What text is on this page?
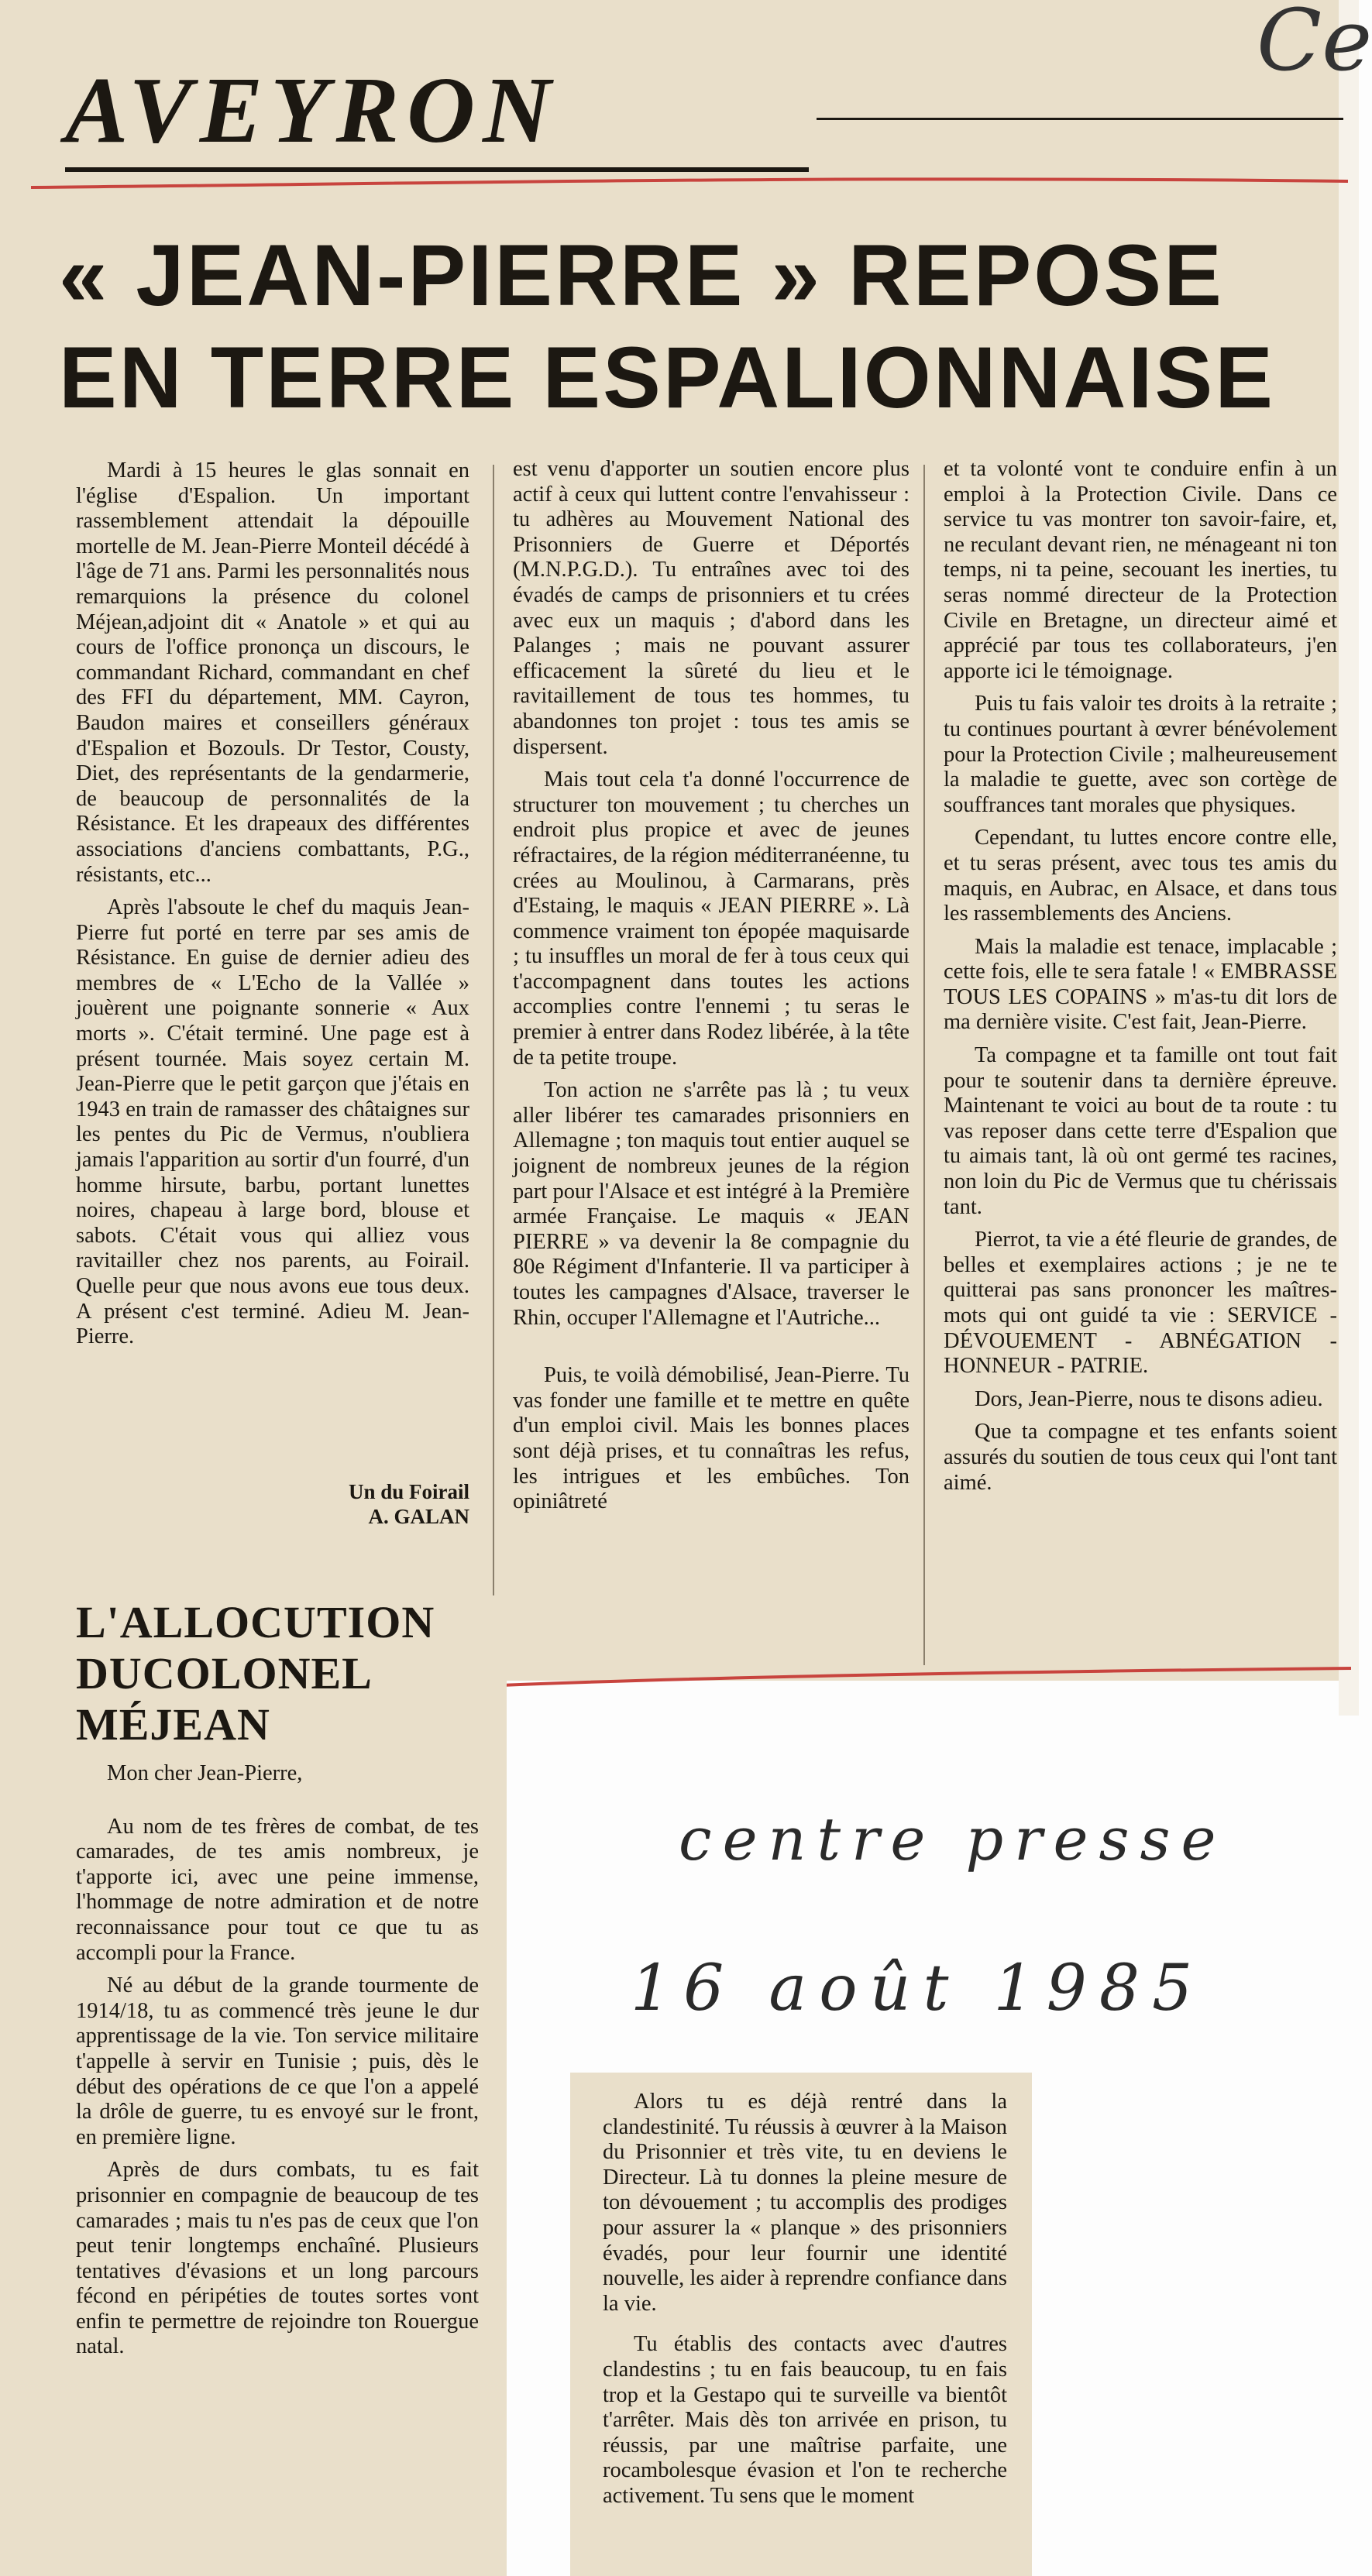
Ce
AVEYRON
« JEAN-PIERRE » REPOSE
EN TERRE ESPALIONNAISE

Mardi à 15 heures le glas sonnait en l'église d'Espalion. Un important rassemblement attendait la dépouille mortelle de M. Jean-Pierre Monteil décédé à l'âge de 71 ans. Parmi les personnalités nous remarquions la présence du colonel Méjean,adjoint dit « Anatole » et qui au cours de l'office prononça un discours, le commandant Richard, commandant en chef des FFI du département, MM. Cayron, Baudon maires et conseillers généraux d'Espalion et Bozouls. Dr Testor, Cousty, Diet, des représentants de la gendarmerie, de beaucoup de personnalités de la Résistance. Et les drapeaux des différentes associations d'anciens combattants, P.G., résistants, etc...

Après l'absoute le chef du maquis Jean-Pierre fut porté en terre par ses amis de Résistance. En guise de dernier adieu des membres de « L'Echo de la Vallée » jouèrent une poignante sonnerie « Aux morts ». C'était terminé. Une page est à présent tournée. Mais soyez certain M. Jean-Pierre que le petit garçon que j'étais en 1943 en train de ramasser des châtaignes sur les pentes du Pic de Vermus, n'oubliera jamais l'apparition au sortir d'un fourré, d'un homme hirsute, barbu, portant lunettes noires, chapeau à large bord, blouse et sabots. C'était vous qui alliez vous ravitailler chez nos parents, au Foirail. Quelle peur que nous avons eue tous deux. A présent c'est terminé. Adieu M. Jean-Pierre.

Un du Foirail
A. GALAN

est venu d'apporter un soutien encore plus actif à ceux qui luttent contre l'envahisseur : tu adhères au Mouvement National des Prisonniers de Guerre et Déportés (M.N.P.G.D.). Tu entraînes avec toi des évadés de camps de prisonniers et tu crées avec eux un maquis ; d'abord dans les Palanges ; mais ne pouvant assurer efficacement la sûreté du lieu et le ravitaillement de tous tes hommes, tu abandonnes ton projet : tous tes amis se dispersent.

Mais tout cela t'a donné l'occurrence de structurer ton mouvement ; tu cherches un endroit plus propice et avec de jeunes réfractaires, de la région méditerranéenne, tu crées au Moulinou, à Carmarans, près d'Estaing, le maquis « JEAN PIERRE ». Là commence vraiment ton épopée maquisarde ; tu insuffles un moral de fer à tous ceux qui t'accompagnent dans toutes les actions accomplies contre l'ennemi ; tu seras le premier à entrer dans Rodez libérée, à la tête de ta petite troupe.

Ton action ne s'arrête pas là ; tu veux aller libérer tes camarades prisonniers en Allemagne ; ton maquis tout entier auquel se joignent de nombreux jeunes de la région part pour l'Alsace et est intégré à la Première armée Française. Le maquis « JEAN PIERRE » va devenir la 8e compagnie du 80e Régiment d'Infanterie. Il va participer à toutes les campagnes d'Alsace, traverser le Rhin, occuper l'Allemagne et l'Autriche...

Puis, te voilà démobilisé, Jean-Pierre. Tu vas fonder une famille et te mettre en quête d'un emploi civil. Mais les bonnes places sont déjà prises, et tu connaîtras les refus, les intrigues et les embûches. Ton opiniâtreté

et ta volonté vont te conduire enfin à un emploi à la Protection Civile. Dans ce service tu vas montrer ton savoir-faire, et, ne reculant devant rien, ne ménageant ni ton temps, ni ta peine, secouant les inerties, tu seras nommé directeur de la Protection Civile en Bretagne, un directeur aimé et apprécié par tous tes collaborateurs, j'en apporte ici le témoignage.

Puis tu fais valoir tes droits à la retraite ; tu continues pourtant à œvrer bénévolement pour la Protection Civile ; malheureusement la maladie te guette, avec son cortège de souffrances tant morales que physiques.

Cependant, tu luttes encore contre elle, et tu seras présent, avec tous tes amis du maquis, en Aubrac, en Alsace, et dans tous les rassemblements des Anciens.

Mais la maladie est tenace, implacable ; cette fois, elle te sera fatale ! « EMBRASSE TOUS LES COPAINS » m'as-tu dit lors de ma dernière visite. C'est fait, Jean-Pierre.

Ta compagne et ta famille ont tout fait pour te soutenir dans ta dernière épreuve. Maintenant te voici au bout de ta route : tu vas reposer dans cette terre d'Espalion que tu aimais tant, là où ont germé tes racines, non loin du Pic de Vermus que tu chérissais tant.

Pierrot, ta vie a été fleurie de grandes, de belles et exemplaires actions ; je ne te quitterai pas sans prononcer les maîtres-mots qui ont guidé ta vie : SERVICE - DÉVOUEMENT - ABNÉGATION - HONNEUR - PATRIE.

Dors, Jean-Pierre, nous te disons adieu.

Que ta compagne et tes enfants soient assurés du soutien de tous ceux qui l'ont tant aimé.

L'ALLOCUTION
DUCOLONEL
MÉJEAN

Mon cher Jean-Pierre,

Au nom de tes frères de combat, de tes camarades, de tes amis nombreux, je t'apporte ici, avec une peine immense, l'hommage de notre admiration et de notre reconnaissance pour tout ce que tu as accompli pour la France.

Né au début de la grande tourmente de 1914/18, tu as commencé très jeune le dur apprentissage de la vie. Ton service militaire t'appelle à servir en Tunisie ; puis, dès le début des opérations de ce que l'on a appelé la drôle de guerre, tu es envoyé sur le front, en première ligne.

Après de durs combats, tu es fait prisonnier en compagnie de beaucoup de tes camarades ; mais tu n'es pas de ceux que l'on peut tenir longtemps enchaîné. Plusieurs tentatives d'évasions et un long parcours fécond en péripéties de toutes sortes vont enfin te permettre de rejoindre ton Rouergue natal.

centre presse
16 août 1985

Alors tu es déjà rentré dans la clandestinité. Tu réussis à œuvrer à la Maison du Prisonnier et très vite, tu en deviens le Directeur. Là tu donnes la pleine mesure de ton dévouement ; tu accomplis des prodiges pour assurer la « planque » des prisonniers évadés, pour leur fournir une identité nouvelle, les aider à reprendre confiance dans la vie.

Tu établis des contacts avec d'autres clandestins ; tu en fais beaucoup, tu en fais trop et la Gestapo qui te surveille va bientôt t'arrêter. Mais dès ton arrivée en prison, tu réussis, par une maîtrise parfaite, une rocambolesque évasion et l'on te recherche activement. Tu sens que le moment
